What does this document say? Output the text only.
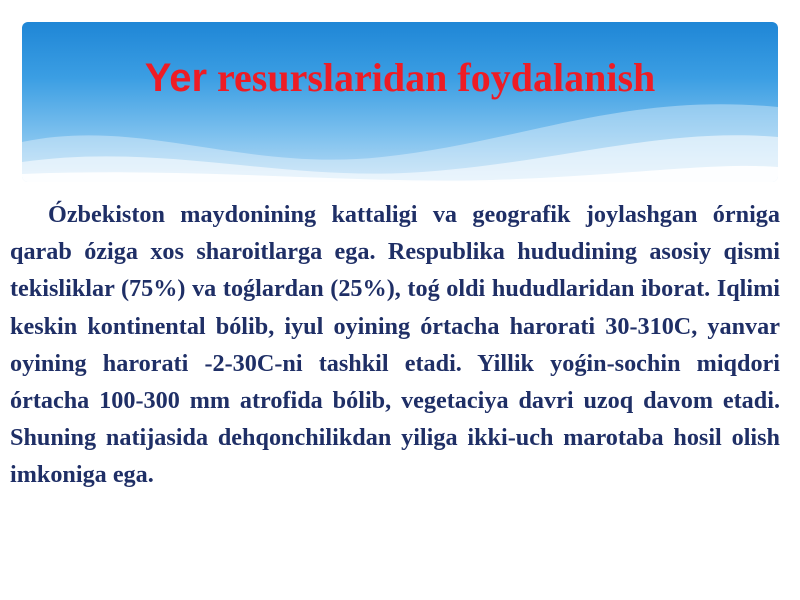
Yer resurslaridan foydalanish

Ózbekiston maydonining kattaligi va geografik joylashgan órniga qarab óziga xos sharoitlarga ega. Respublika hududining asosiy qismi tekisliklar (75%) va toǵlardan (25%), toǵ oldi hududlaridan iborat. Iqlimi keskin kontinental bólib, iyul oyining órtacha harorati 30-310C, yanvar oyining harorati -2-30C-ni tashkil etadi. Yillik yoǵin-sochin miqdori órtacha 100-300 mm atrofida bólib, vegetaciya davri uzoq davom etadi. Shuning natijasida dehqonchilikdan yiliga ikki-uch marotaba hosil olish imkoniga ega.
